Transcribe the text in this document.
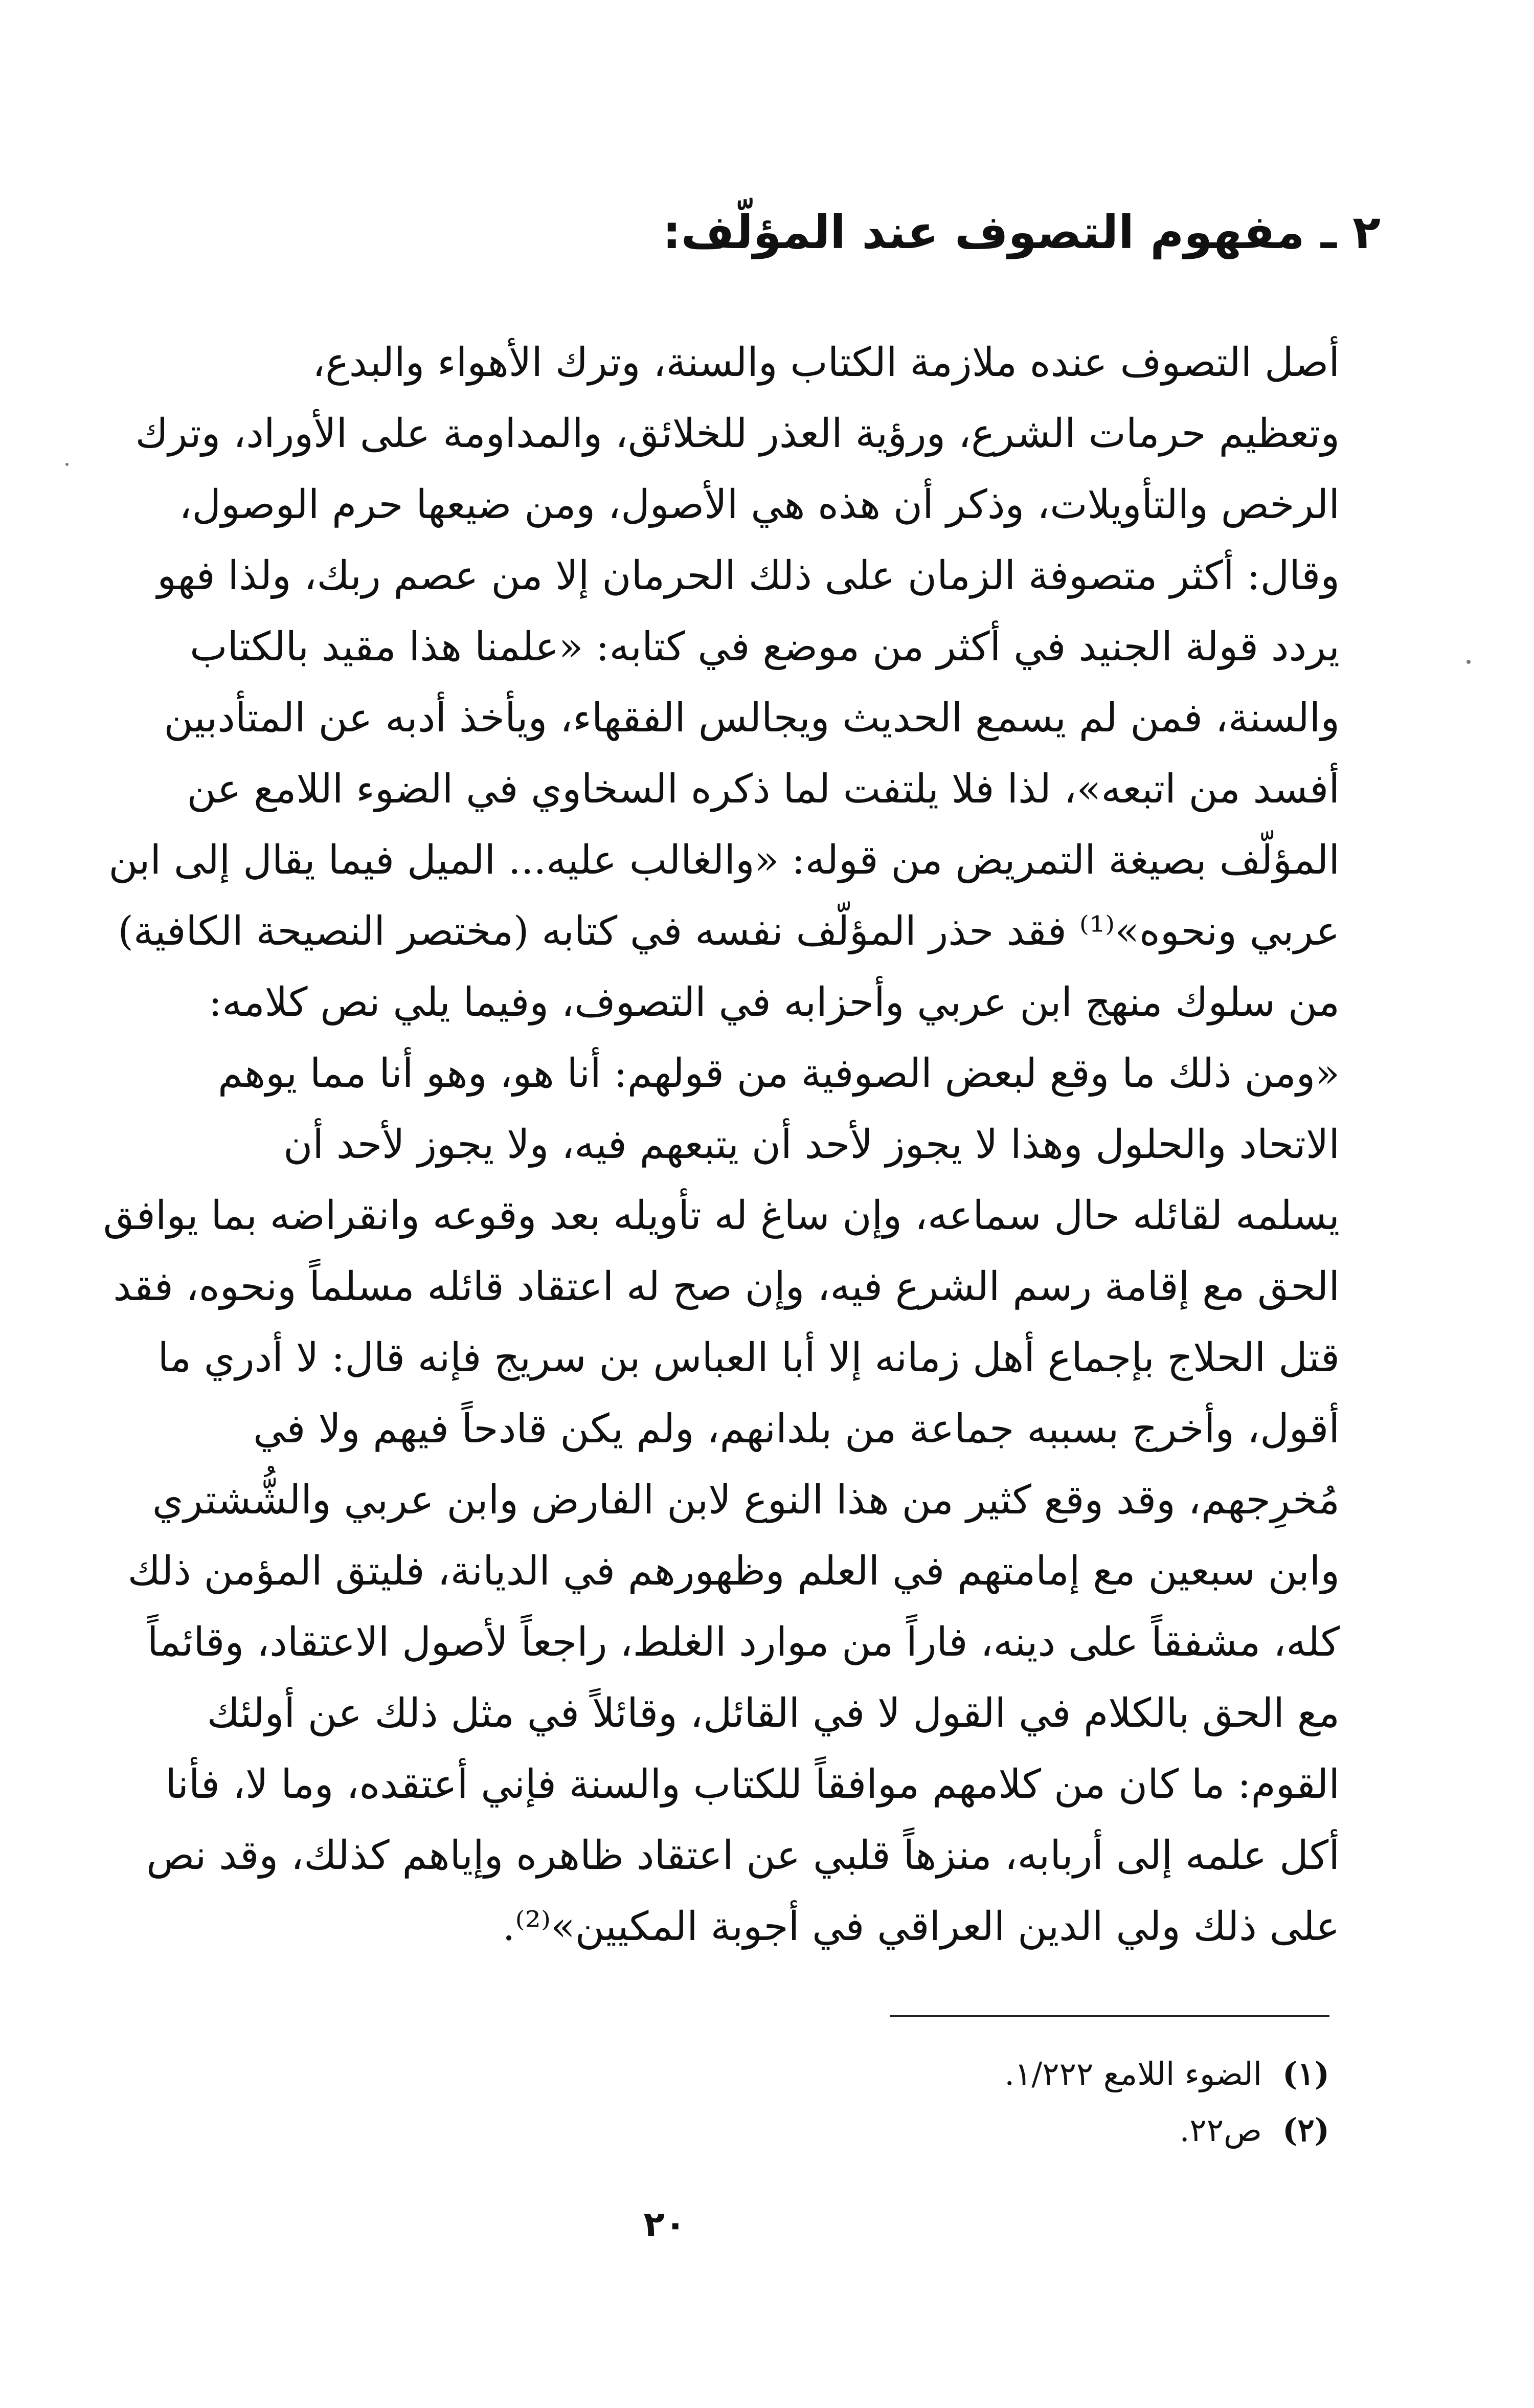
٢ ـ مفهوم التصوف عند المؤلّف:
أصل التصوف عنده ملازمة الكتاب والسنة، وترك الأهواء والبدع،
وتعظيم حرمات الشرع، ورؤية العذر للخلائق، والمداومة على الأوراد، وترك
الرخص والتأويلات، وذكر أن هذه هي الأصول، ومن ضيعها حرم الوصول،
وقال: أكثر متصوفة الزمان على ذلك الحرمان إلا من عصم ربك، ولذا فهو
يردد قولة الجنيد في أكثر من موضع في كتابه: «علمنا هذا مقيد بالكتاب
والسنة، فمن لم يسمع الحديث ويجالس الفقهاء، ويأخذ أدبه عن المتأدبين
أفسد من اتبعه»، لذا فلا يلتفت لما ذكره السخاوي في الضوء اللامع عن
المؤلّف بصيغة التمريض من قوله: «والغالب عليه... الميل فيما يقال إلى ابن
عربي ونحوه»⁽¹⁾ فقد حذر المؤلّف نفسه في كتابه (مختصر النصيحة الكافية)
من سلوك منهج ابن عربي وأحزابه في التصوف، وفيما يلي نص كلامه:
«ومن ذلك ما وقع لبعض الصوفية من قولهم: أنا هو، وهو أنا مما يوهم
الاتحاد والحلول وهذا لا يجوز لأحد أن يتبعهم فيه، ولا يجوز لأحد أن
يسلمه لقائله حال سماعه، وإن ساغ له تأويله بعد وقوعه وانقراضه بما يوافق
الحق مع إقامة رسم الشرع فيه، وإن صح له اعتقاد قائله مسلماً ونحوه، فقد
قتل الحلاج بإجماع أهل زمانه إلا أبا العباس بن سريج فإنه قال: لا أدري ما
أقول، وأخرج بسببه جماعة من بلدانهم، ولم يكن قادحاً فيهم ولا في
مُخرِجهم، وقد وقع كثير من هذا النوع لابن الفارض وابن عربي والشُّشتري
وابن سبعين مع إمامتهم في العلم وظهورهم في الديانة، فليتق المؤمن ذلك
كله، مشفقاً على دينه، فاراً من موارد الغلط، راجعاً لأصول الاعتقاد، وقائماً
مع الحق بالكلام في القول لا في القائل، وقائلاً في مثل ذلك عن أولئك
القوم: ما كان من كلامهم موافقاً للكتاب والسنة فإني أعتقده، وما لا، فأنا
أكل علمه إلى أربابه، منزهاً قلبي عن اعتقاد ظاهره وإياهم كذلك، وقد نص
على ذلك ولي الدين العراقي في أجوبة المكيين»⁽²⁾.
(١)الضوء اللامع ١/٢٢٢.
(٢)ص٢٢.
٢٠
